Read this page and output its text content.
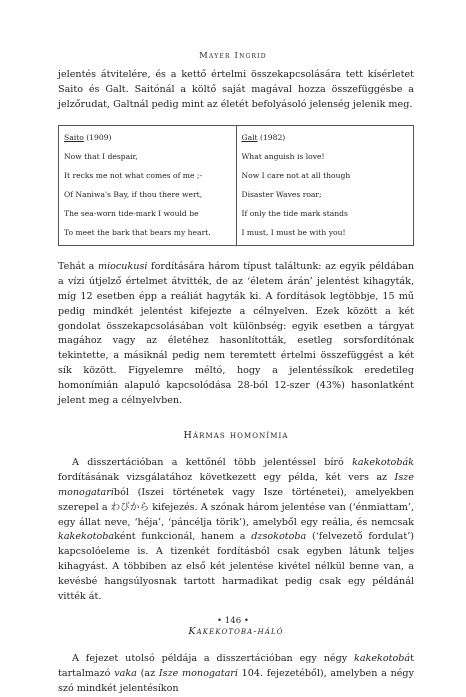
Mayer Ingrid

jelentés átvitelére, és a kettő értelmi összekapcsolására tett kísérletet Saito és Galt. Saitónál a költő saját magával hozza összefüggésbe a jelzőrudat, Galtnál pedig mint az életét befolyásoló jelenség jelenik meg.

Saito (1909)	Galt (1982)
Now that I despair,	What anguish is love!
It recks me not what comes of me ;-	Now I care not at all though
Of Naniwa's Bay, if thou there wert,	Disaster Waves roar;
The sea-worn tide-mark I would be	If only the tide mark stands
To meet the bark that bears my heart.	I must, I must be with you!

Tehát a miocukusi fordítására három típust találtunk: az egyik példában a vízi útjelző értelmet átvitték, de az ‘életem árán’ jelentést kihagyták, míg 12 esetben épp a reáliát hagyták ki. A fordítások legtöbbje, 15 mű pedig mindkét jelentést kifejezte a célnyelven. Ezek között a két gondolat összekapcsolásában volt különbség: egyik esetben a tárgyat magához vagy az életéhez hasonlították, esetleg sorsfordítónak tekintette, a másiknál pedig nem teremtett értelmi összefüggést a két sík között. Figyelemre méltó, hogy a jelentéssíkok eredetileg homonímián alapuló kapcsolódása 28-ból 12-szer (43%) hasonlatként jelent meg a célnyelvben.

Hármas homonímia

A disszertációban a kettőnél több jelentéssel bíró kakekotobák fordításának vizsgálatához következett egy példa, két vers az Isze monogatariból (Iszei történetek vagy Isze történetei), amelyekben szerepel a わびから kifejezés. A szónak három jelentése van (‘énmiattam’, egy állat neve, ‘héja’, ‘páncélja törik’), amelyből egy reália, és nemcsak kakekotobaként funkcionál, hanem a dzsokotoba (‘felvezető fordulat’) kapcsolóeleme is. A tizenkét fordításból csak egyben látunk teljes kihagyást. A többiben az első két jelentése kivétel nélkül benne van, a kevésbé hangsúlyosnak tartott harmadikat pedig csak egy példánál vitték át.

Kakekotoba-háló

A fejezet utolsó példája a disszertációban egy négy kakekotobát tartalmazó vaka (az Isze monogatari 104. fejezetéből), amelyben a négy szó mindkét jelentésíkon

• 146 •
